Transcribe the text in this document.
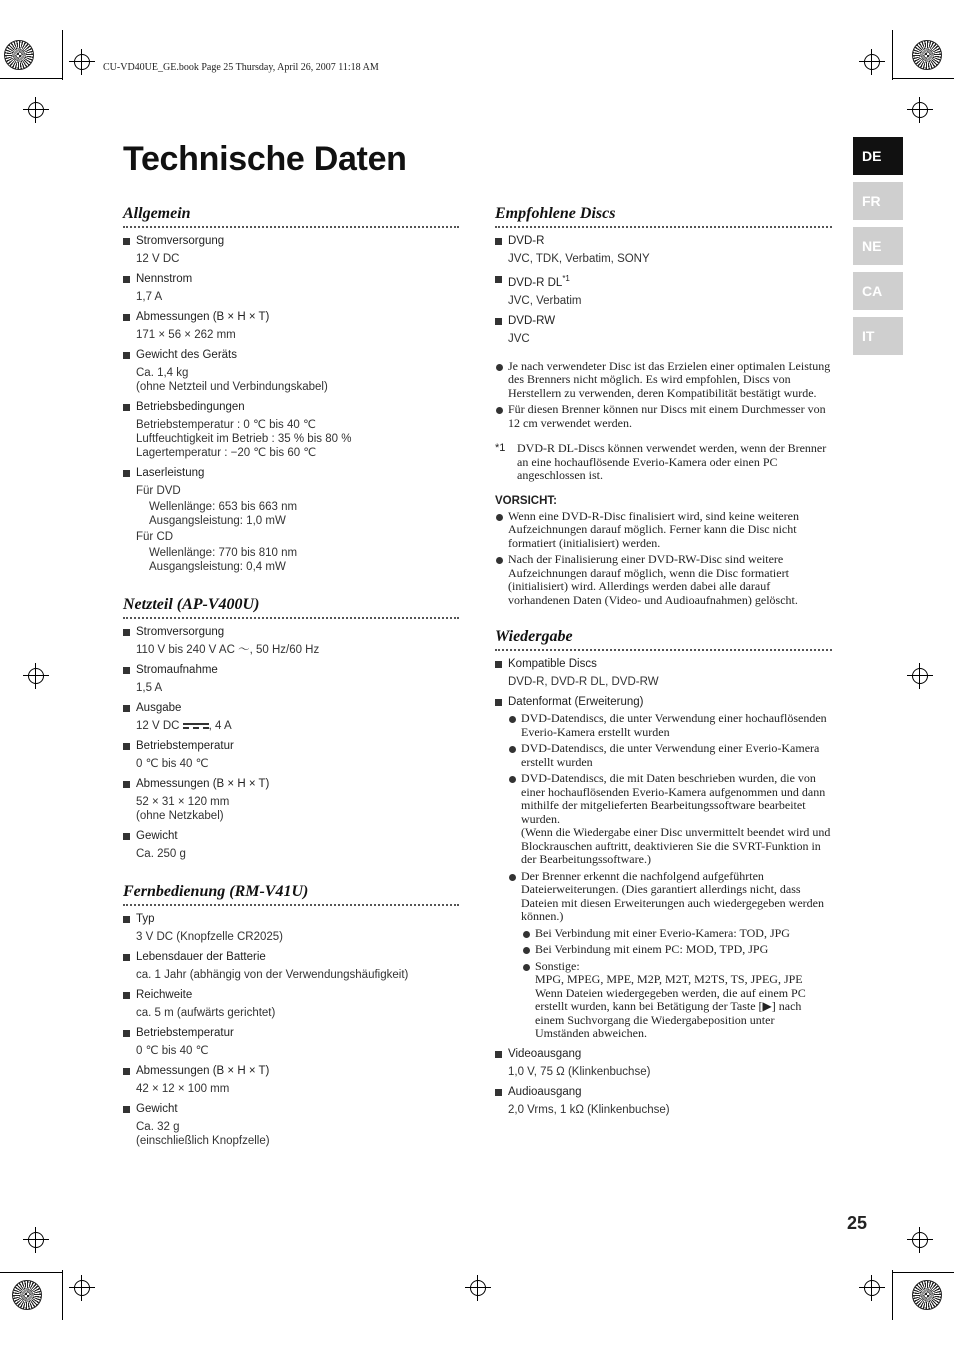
CU-VD40UE_GE.book Page 25 Thursday, April 26, 2007 11:18 AM
Technische Daten	DE
FR
NE
CA
IT
Allgemein
Stromversorgung
12 V DC
Nennstrom
1,7 A
Abmessungen (B × H × T)
171 × 56 × 262 mm
Gewicht des Geräts
Ca. 1,4 kg
(ohne Netzteil und Verbindungskabel)
Betriebsbedingungen
Betriebstemperatur : 0 ℃ bis 40 ℃
Luftfeuchtigkeit im Betrieb : 35 % bis 80 %
Lagertemperatur : −20 ℃ bis 60 ℃
Laserleistung
Für DVD
Wellenlänge: 653 bis 663 nm
Ausgangsleistung: 1,0 mW
Für CD
Wellenlänge: 770 bis 810 nm
Ausgangsleistung: 0,4 mW
Netzteil (AP-V400U)
Stromversorgung
110 V bis 240 V AC ～, 50 Hz/60 Hz
Stromaufnahme
1,5 A
Ausgabe
12 V DC	, 4 A
Betriebstemperatur
0 ℃ bis 40 ℃
Abmessungen (B × H × T)
52 × 31 × 120 mm
(ohne Netzkabel)
Gewicht
Ca. 250 g
Fernbedienung (RM-V41U)
Typ
3 V DC (Knopfzelle CR2025)
Lebensdauer der Batterie
ca. 1 Jahr (abhängig von der Verwendungshäufigkeit)
Reichweite
ca. 5 m (aufwärts gerichtet)
Betriebstemperatur
0 ℃ bis 40 ℃
Abmessungen (B × H × T)
42 × 12 × 100 mm
Gewicht
Ca. 32 g
(einschließlich Knopfzelle)
Empfohlene Discs
DVD-R
JVC, TDK, Verbatim, SONY
DVD-R DL$^{*1}$
JVC, Verbatim
DVD-RW
JVC
Je nach verwendeter Disc ist das Erzielen einer optimalen Leistung des Brenners nicht möglich. Es wird empfohlen, Discs von Herstellern zu verwenden, deren Kompatibilität bestätigt wurde.
Für diesen Brenner können nur Discs mit einem Durchmesser von 12 cm verwendet werden.
*1 DVD-R DL-Discs können verwendet werden, wenn der Brenner an eine hochauflösende Everio-Kamera oder einen PC angeschlossen ist.
VORSICHT:
Wenn eine DVD-R-Disc finalisiert wird, sind keine weiteren Aufzeichnungen darauf möglich. Ferner kann die Disc nicht formatiert (initialisiert) werden.
Nach der Finalisierung einer DVD-RW-Disc sind weitere Aufzeichnungen darauf möglich, wenn die Disc formatiert (initialisiert) wird. Allerdings werden dabei alle darauf vorhandenen Daten (Video- und Audioaufnahmen) gelöscht.
Wiedergabe
Kompatible Discs
DVD-R, DVD-R DL, DVD-RW
Datenformat (Erweiterung)
DVD-Datendiscs, die unter Verwendung einer hochauflösenden Everio-Kamera erstellt wurden
DVD-Datendiscs, die unter Verwendung einer Everio-Kamera erstellt wurden
DVD-Datendiscs, die mit Daten beschrieben wurden, die von einer hochauflösenden Everio-Kamera aufgenommen und dann mithilfe der mitgelieferten Bearbeitungssoftware bearbeitet wurden.
(Wenn die Wiedergabe einer Disc unvermittelt beendet wird und Blockrauschen auftritt, deaktivieren Sie die SVRT-Funktion in der Bearbeitungssoftware.)
Der Brenner erkennt die nachfolgend aufgeführten Dateierweiterungen. (Dies garantiert allerdings nicht, dass Dateien mit diesen Erweiterungen auch wiedergegeben werden können.)
Bei Verbindung mit einer Everio-Kamera: TOD, JPG
Bei Verbindung mit einem PC: MOD, TPD, JPG
Sonstige:
MPG, MPEG, MPE, M2P, M2T, M2TS, TS, JPEG, JPE
Wenn Dateien wiedergegeben werden, die auf einem PC erstellt wurden, kann bei Betätigung der Taste [▶] nach einem Suchvorgang die Wiedergabeposition unter Umständen abweichen.
Videoausgang
1,0 V, 75 Ω (Klinkenbuchse)
Audioausgang
2,0 Vrms, 1 kΩ (Klinkenbuchse)
25
